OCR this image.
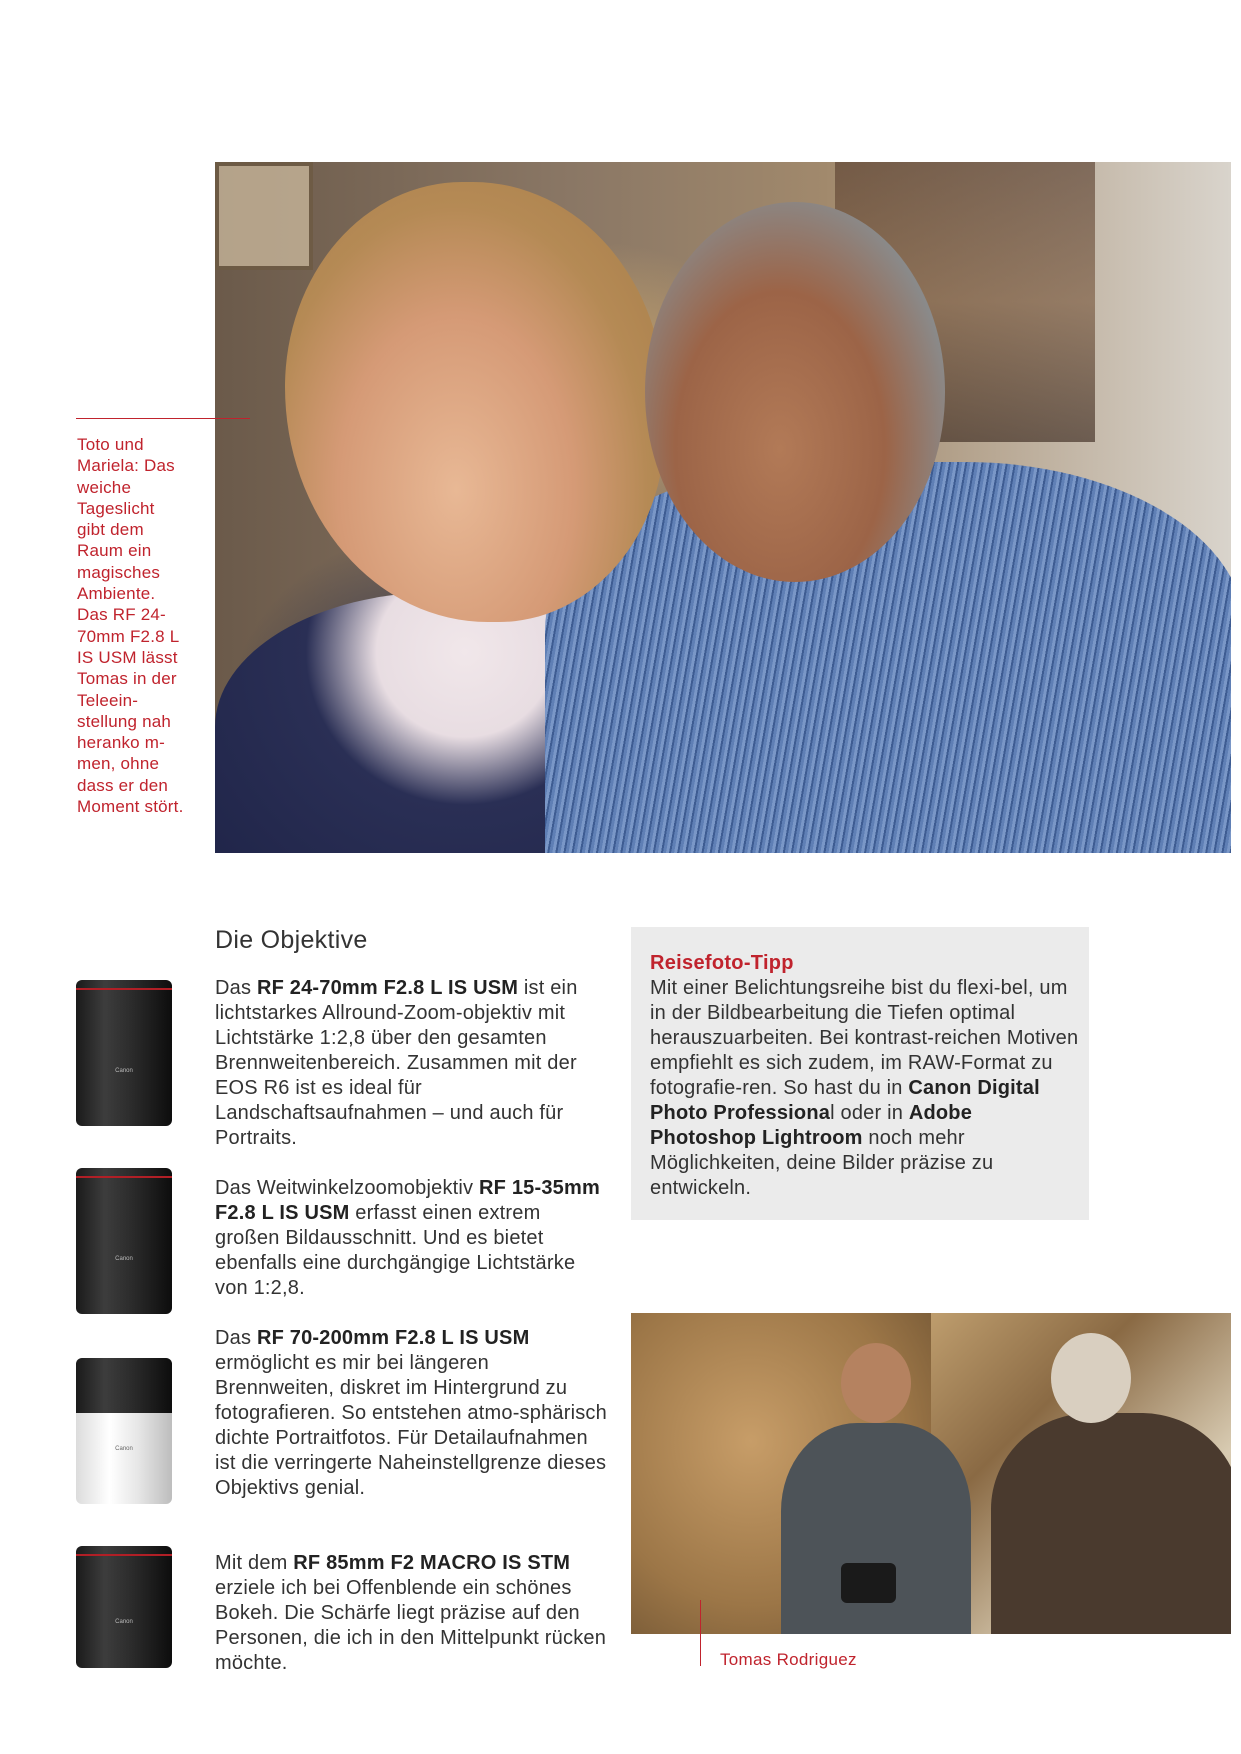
Toto und Mariela: Das weiche Tageslicht gibt dem Raum ein magisches Ambiente. Das RF 24-70mm F2.8 L IS USM lässt Tomas in der Teleein-stellung nah heranko m-men, ohne dass er den Moment stört.
Die Objektive
Canon
Canon
Canon
Canon
Das RF 24-70mm F2.8 L IS USM ist ein lichtstarkes Allround-Zoom-objektiv mit Lichtstärke 1:2,8 über den gesamten Brennweitenbereich. Zusammen mit der EOS R6 ist es ideal für Landschaftsaufnahmen – und auch für Portraits.
Das Weitwinkelzoomobjektiv RF 15-35mm F2.8 L IS USM erfasst einen extrem großen Bildausschnitt. Und es bietet ebenfalls eine durchgängige Lichtstärke von 1:2,8.
Das RF 70-200mm F2.8 L IS USM ermöglicht es mir bei längeren Brennweiten, diskret im Hintergrund zu fotografieren. So entstehen atmo-sphärisch dichte Portraitfotos. Für Detailaufnahmen ist die verringerte Naheinstellgrenze dieses Objektivs genial.
Mit dem RF 85mm F2 MACRO IS STM erziele ich bei Offenblende ein schönes Bokeh. Die Schärfe liegt präzise auf den Personen, die ich in den Mittelpunkt rücken möchte.
Reisefoto-Tipp
Mit einer Belichtungsreihe bist du flexi-bel, um in der Bildbearbeitung die Tiefen optimal herauszuarbeiten. Bei kontrast-reichen Motiven empfiehlt es sich zudem, im RAW-Format zu fotografie-ren. So hast du in Canon Digital Photo Professional oder in Adobe Photoshop Lightroom noch mehr Möglichkeiten, deine Bilder präzise zu entwickeln.
Tomas Rodriguez
